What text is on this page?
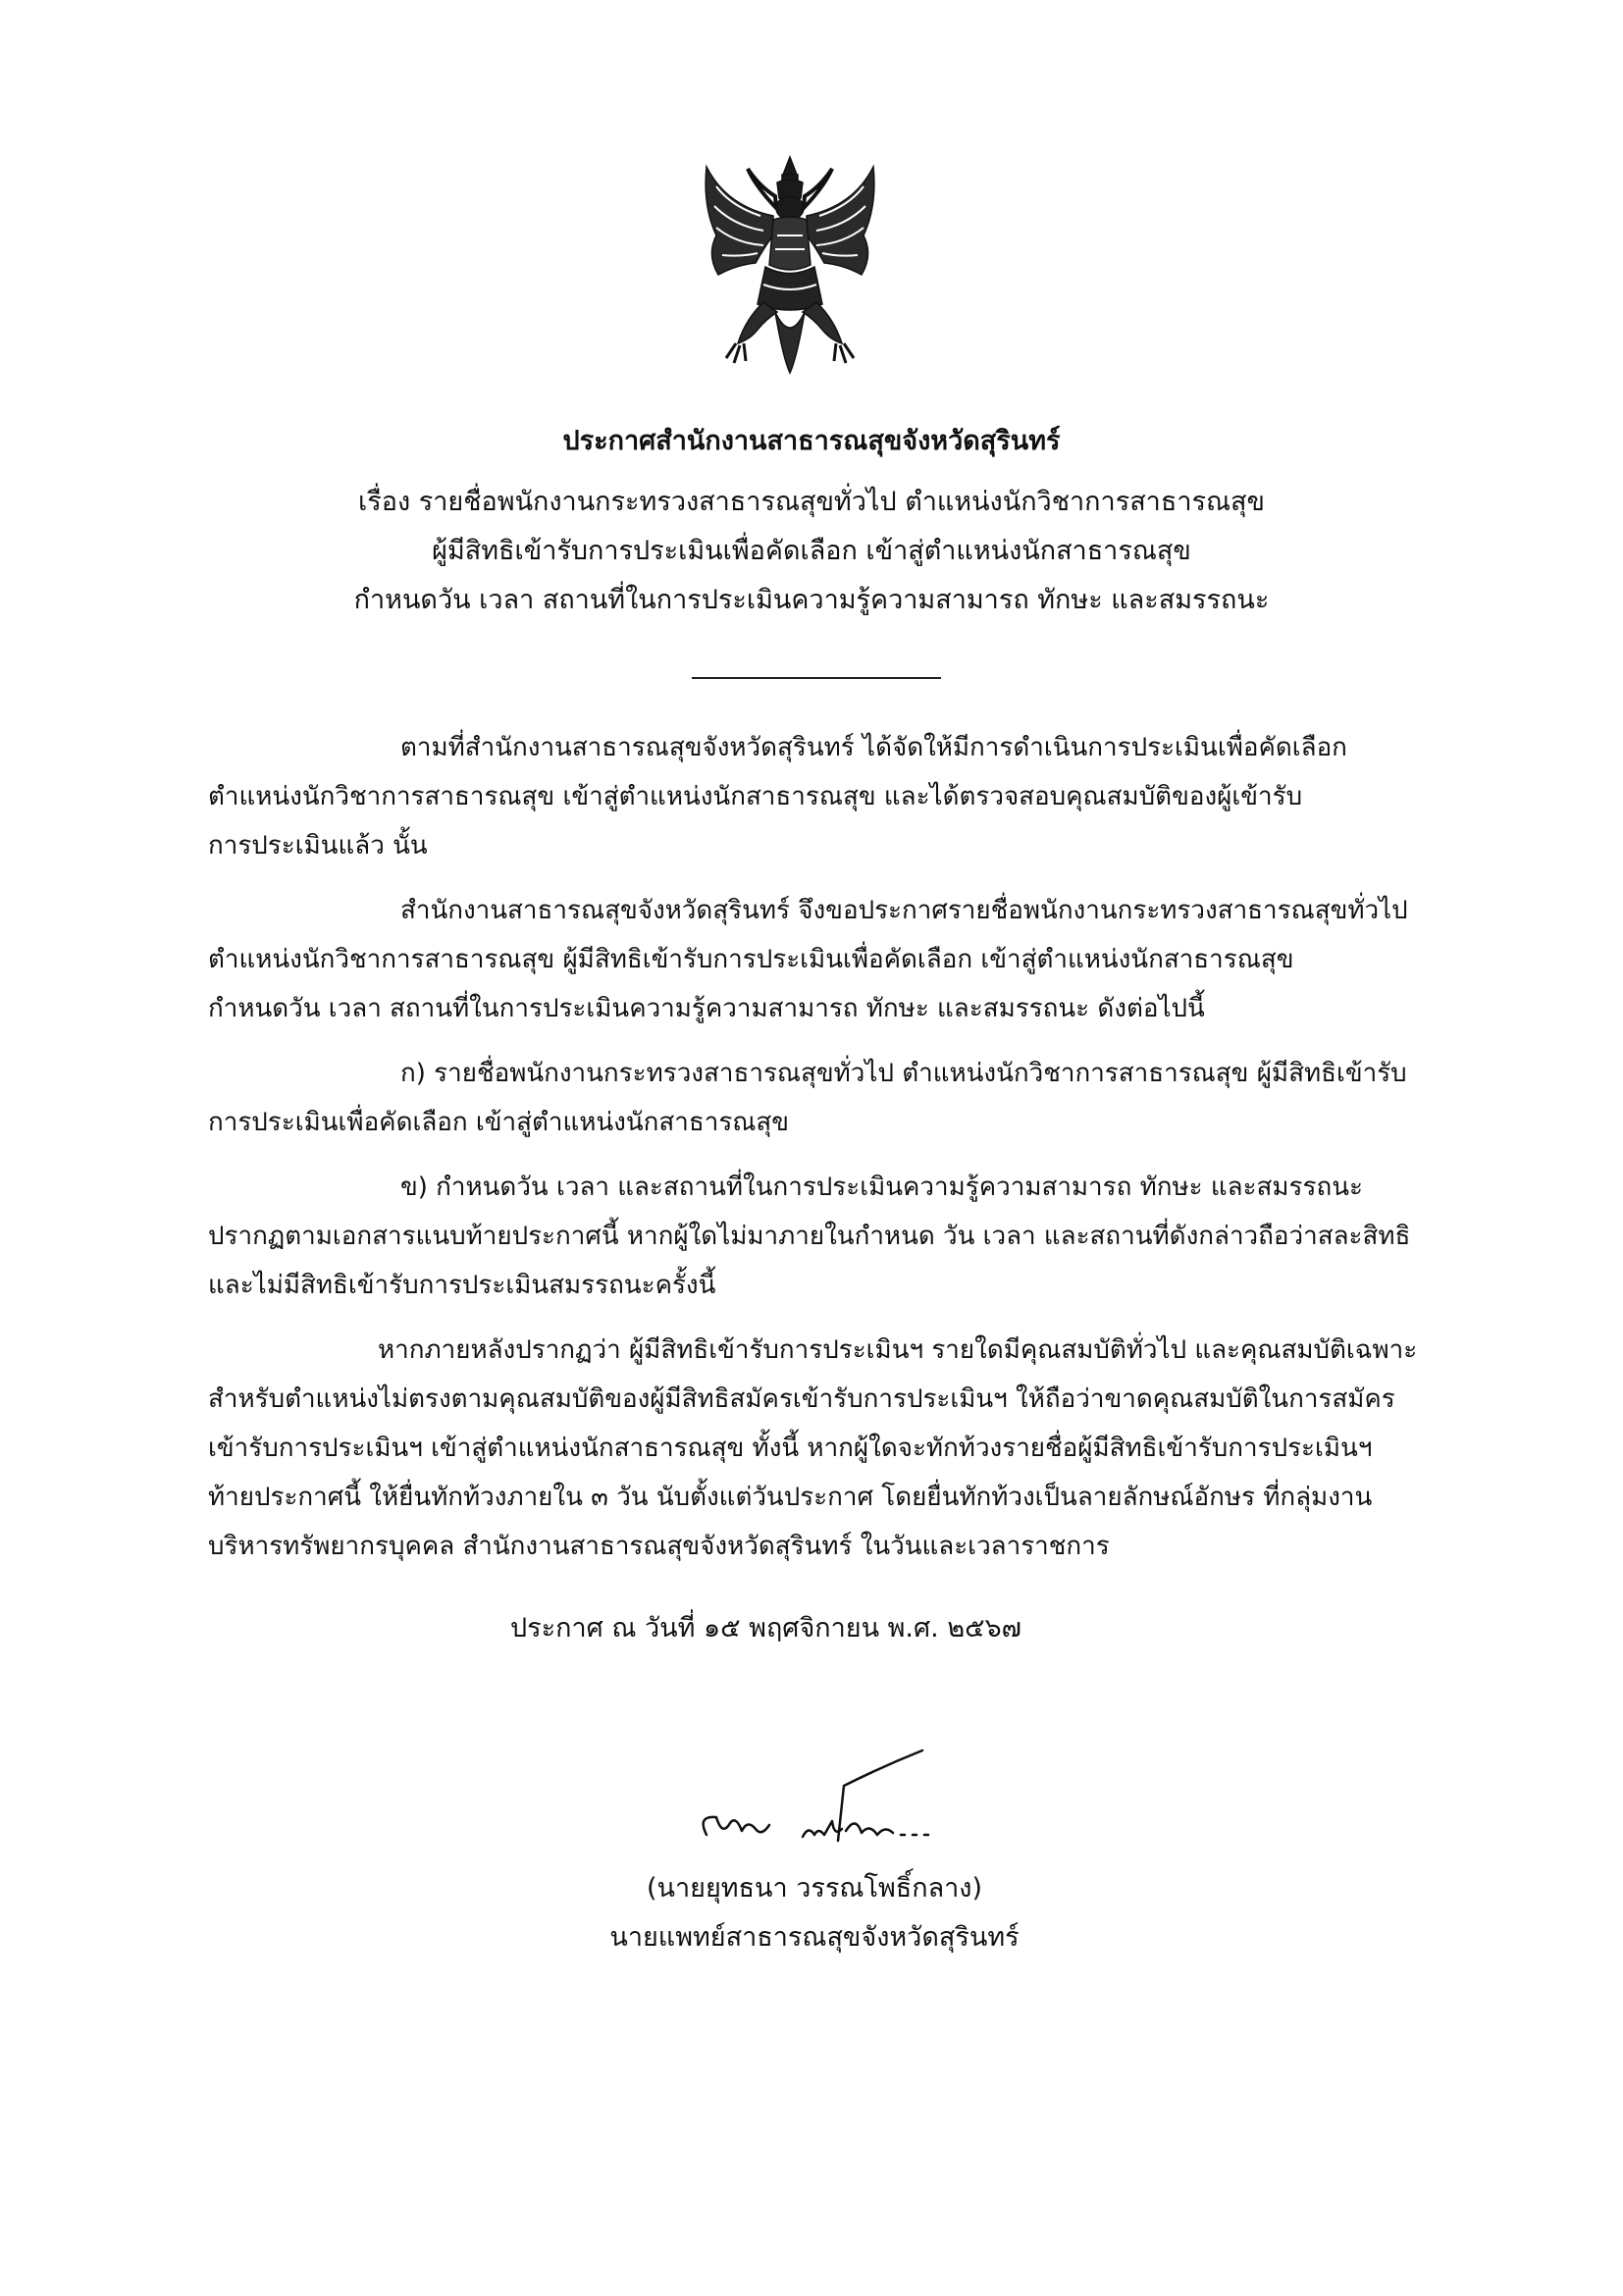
ประกาศสำนักงานสาธารณสุขจังหวัดสุรินทร์
เรื่อง รายชื่อพนักงานกระทรวงสาธารณสุขทั่วไป ตำแหน่งนักวิชาการสาธารณสุข
ผู้มีสิทธิเข้ารับการประเมินเพื่อคัดเลือก เข้าสู่ตำแหน่งนักสาธารณสุข
กำหนดวัน เวลา สถานที่ในการประเมินความรู้ความสามารถ ทักษะ และสมรรถนะ
ตามที่สำนักงานสาธารณสุขจังหวัดสุรินทร์ ได้จัดให้มีการดำเนินการประเมินเพื่อคัดเลือก
ตำแหน่งนักวิชาการสาธารณสุข เข้าสู่ตำแหน่งนักสาธารณสุข และได้ตรวจสอบคุณสมบัติของผู้เข้ารับ
การประเมินแล้ว นั้น
สำนักงานสาธารณสุขจังหวัดสุรินทร์ จึงขอประกาศรายชื่อพนักงานกระทรวงสาธารณสุขทั่วไป
ตำแหน่งนักวิชาการสาธารณสุข ผู้มีสิทธิเข้ารับการประเมินเพื่อคัดเลือก เข้าสู่ตำแหน่งนักสาธารณสุข
กำหนดวัน เวลา สถานที่ในการประเมินความรู้ความสามารถ ทักษะ และสมรรถนะ ดังต่อไปนี้
ก) รายชื่อพนักงานกระทรวงสาธารณสุขทั่วไป ตำแหน่งนักวิชาการสาธารณสุข ผู้มีสิทธิเข้ารับ
การประเมินเพื่อคัดเลือก เข้าสู่ตำแหน่งนักสาธารณสุข
ข) กำหนดวัน เวลา และสถานที่ในการประเมินความรู้ความสามารถ ทักษะ และสมรรถนะ
ปรากฏตามเอกสารแนบท้ายประกาศนี้ หากผู้ใดไม่มาภายในกำหนด วัน เวลา และสถานที่ดังกล่าวถือว่าสละสิทธิ
และไม่มีสิทธิเข้ารับการประเมินสมรรถนะครั้งนี้
หากภายหลังปรากฏว่า ผู้มีสิทธิเข้ารับการประเมินฯ รายใดมีคุณสมบัติทั่วไป และคุณสมบัติเฉพาะ
สำหรับตำแหน่งไม่ตรงตามคุณสมบัติของผู้มีสิทธิสมัครเข้ารับการประเมินฯ ให้ถือว่าขาดคุณสมบัติในการสมัคร
เข้ารับการประเมินฯ เข้าสู่ตำแหน่งนักสาธารณสุข ทั้งนี้ หากผู้ใดจะทักท้วงรายชื่อผู้มีสิทธิเข้ารับการประเมินฯ
ท้ายประกาศนี้ ให้ยื่นทักท้วงภายใน ๓ วัน นับตั้งแต่วันประกาศ โดยยื่นทักท้วงเป็นลายลักษณ์อักษร ที่กลุ่มงาน
บริหารทรัพยากรบุคคล สำนักงานสาธารณสุขจังหวัดสุรินทร์ ในวันและเวลาราชการ
ประกาศ ณ วันที่ ๑๕ พฤศจิกายน พ.ศ. ๒๕๖๗
(นายยุทธนา วรรณโพธิ์กลาง)
นายแพทย์สาธารณสุขจังหวัดสุรินทร์
